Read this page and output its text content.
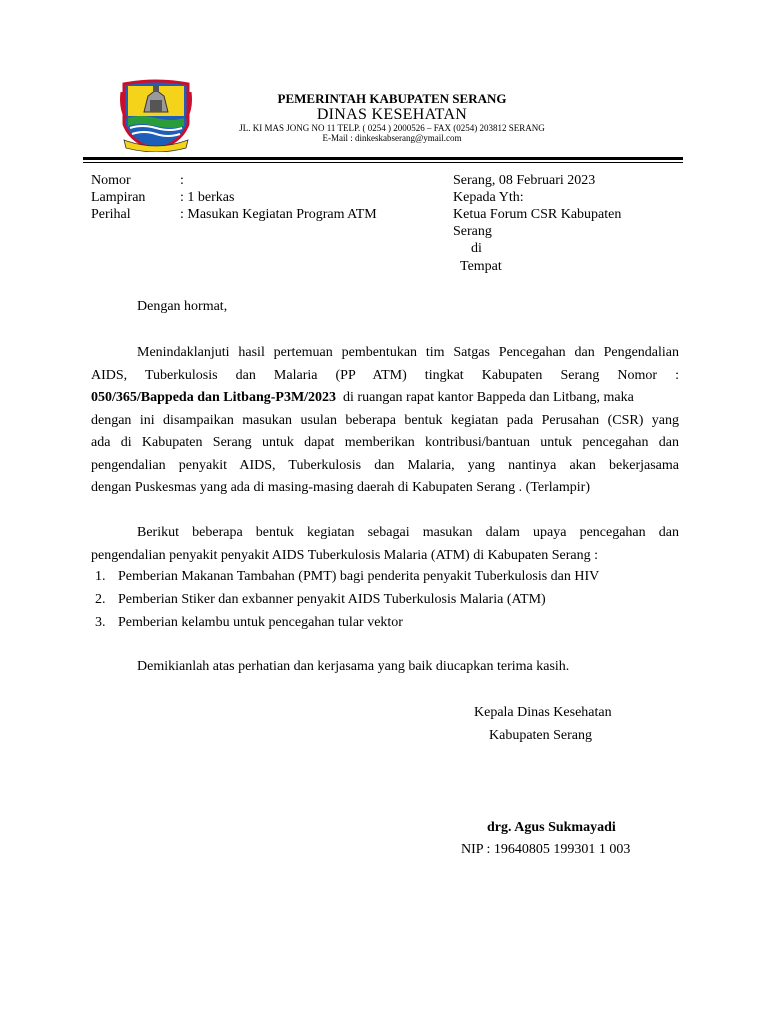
PEMERINTAH KABUPATEN SERANG
DINAS KESEHATAN
JL. KI MAS JONG NO 11 TELP. ( 0254 ) 2000526 – FAX (0254) 203812 SERANG
E-Mail : dinkeskabserang@ymail.com
Nomor	:
Lampiran : 1 berkas
Perihal	: Masukan Kegiatan Program ATM
Serang, 08 Februari 2023
Kepada Yth:
Ketua Forum CSR Kabupaten
Serang
di
Tempat
Dengan hormat,
Menindaklanjuti hasil pertemuan pembentukan tim Satgas Pencegahan dan Pengendalian
AIDS, Tuberkulosis dan Malaria (PP ATM) tingkat Kabupaten Serang Nomor :
050/365/Bappeda dan Litbang-P3M/2023 di ruangan rapat kantor Bappeda dan Litbang, maka
dengan ini disampaikan masukan usulan beberapa bentuk kegiatan pada Perusahan (CSR) yang
ada di Kabupaten Serang untuk dapat memberikan kontribusi/bantuan untuk pencegahan dan
pengendalian penyakit AIDS, Tuberkulosis dan Malaria, yang nantinya akan bekerjasama
dengan Puskesmas yang ada di masing-masing daerah di Kabupaten Serang . (Terlampir)
Berikut beberapa bentuk kegiatan sebagai masukan dalam upaya pencegahan dan
pengendalian penyakit penyakit AIDS Tuberkulosis Malaria (ATM) di Kabupaten Serang :
1. Pemberian Makanan Tambahan (PMT) bagi penderita penyakit Tuberkulosis dan HIV
2. Pemberian Stiker dan exbanner penyakit AIDS Tuberkulosis Malaria (ATM)
3. Pemberian kelambu untuk pencegahan tular vektor
Demikianlah atas perhatian dan kerjasama yang baik diucapkan terima kasih.
Kepala Dinas Kesehatan
Kabupaten Serang
drg. Agus Sukmayadi
NIP : 19640805 199301 1 003
